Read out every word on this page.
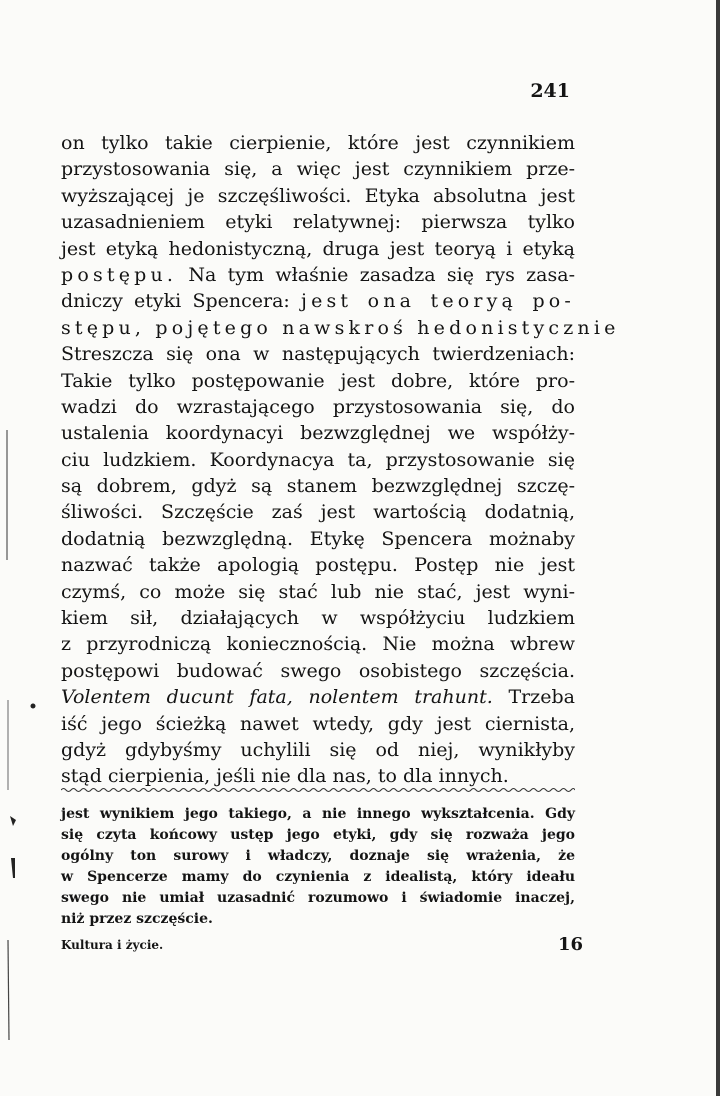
241
on tylko takie cierpienie, które jest czynnikiem
przystosowania się, a więc jest czynnikiem prze-
wyższającej je szczęśliwości. Etyka absolutna jest
uzasadnieniem etyki relatywnej: pierwsza tylko
jest etyką hedonistyczną, druga jest teoryą i etyką
postępu. Na tym właśnie zasadza się rys zasa-
dniczy etyki Spencera: jest ona teoryą po-
stępu, pojętego nawskroś hedonistycznie
Streszcza się ona w następujących twierdzeniach:
Takie tylko postępowanie jest dobre, które pro-
wadzi do wzrastającego przystosowania się, do
ustalenia koordynacyi bezwzględnej we współży-
ciu ludzkiem. Koordynacya ta, przystosowanie się
są dobrem, gdyż są stanem bezwzględnej szczę-
śliwości. Szczęście zaś jest wartością dodatnią,
dodatnią bezwzględną. Etykę Spencera możnaby
nazwać także apologią postępu. Postęp nie jest
czymś, co może się stać lub nie stać, jest wyni-
kiem sił, działających w współżyciu ludzkiem
z przyrodniczą koniecznością. Nie można wbrew
postępowi budować swego osobistego szczęścia.
Volentem ducunt fata, nolentem trahunt. Trzeba
iść jego ścieżką nawet wtedy, gdy jest ciernista,
gdyż gdybyśmy uchylili się od niej, wynikłyby
stąd cierpienia, jeśli nie dla nas, to dla innych.
jest wynikiem jego takiego, a nie innego wykształcenia. Gdy
się czyta końcowy ustęp jego etyki, gdy się rozważa jego
ogólny ton surowy i władczy, doznaje się wrażenia, że
w Spencerze mamy do czynienia z idealistą, który ideału
swego nie umiał uzasadnić rozumowo i świadomie inaczej,
niż przez szczęście.
Kultura i życie.	16
